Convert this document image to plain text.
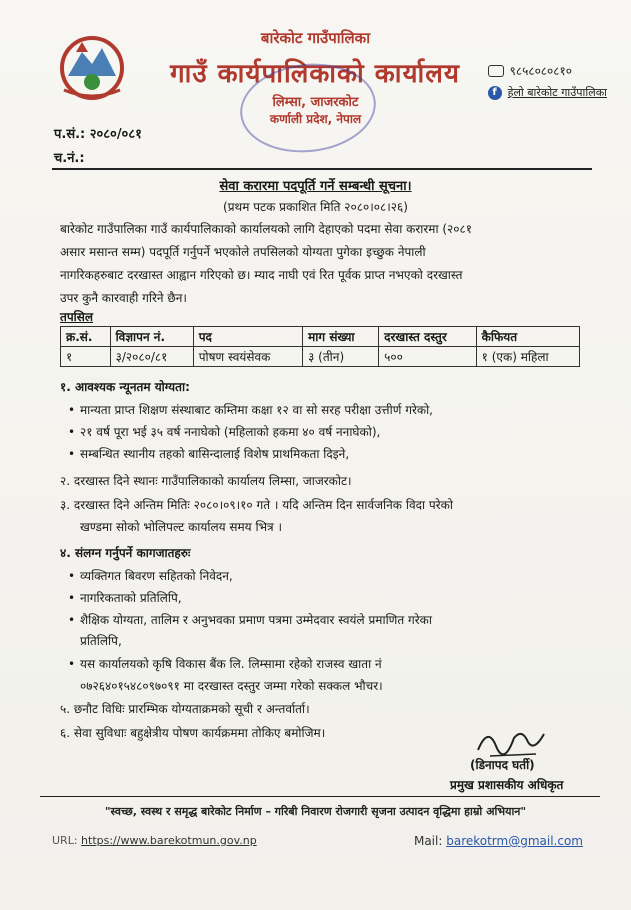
बारेकोट गाउँपालिका
गाउँ कार्यपालिकाको कार्यालय
लिम्सा, जाजरकोट
कर्णाली प्रदेश, नेपाल
९८५८०८०८१०
f हेलो बारेकोट गाउँपालिका
प.सं.: २०८०/०८१
च.नं.:
सेवा करारमा पदपूर्ति गर्ने सम्बन्धी सूचना।
(प्रथम पटक प्रकाशित मिति २०८०।०८।२६)
बारेकोट गाउँपालिका गाउँ कार्यपालिकाको कार्यालयको लागि देहाएको पदमा सेवा करारमा (२०८१
असार मसान्त सम्म) पदपूर्ति गर्नुपर्ने भएकोले तपसिलको योग्यता पुगेका इच्छुक नेपाली
नागरिकहरुबाट दरखास्त आह्वान गरिएको छ। म्याद नाघी एवं रित पूर्वक प्राप्त नभएको दरखास्त
उपर कुनै कारवाही गरिने छैन।
तपसिल
क्र.सं.	विज्ञापन नं.	पद	माग संख्या	दरखास्त दस्तुर	कैफियत
१	३/२०८०/८१	पोषण स्वयंसेवक	३ (तीन)	५००	१ (एक) महिला
१. आवश्यक न्यूनतम योग्यता:
• मान्यता प्राप्त शिक्षण संस्थाबाट कम्तिमा कक्षा १२ वा सो सरह परीक्षा उत्तीर्ण गरेको,
• २१ वर्ष पूरा भई ३५ वर्ष ननाघेको (महिलाको हकमा ४० वर्ष ननाघेको),
• सम्बन्धित स्थानीय तहको बासिन्दालाई विशेष प्राथमिकता दिइने,
२. दरखास्त दिने स्थानः गाउँपालिकाको कार्यालय लिम्सा, जाजरकोट।
३. दरखास्त दिने अन्तिम मितिः २०८०।०९।१० गते । यदि अन्तिम दिन सार्वजनिक विदा परेको
खण्डमा सोको भोलिपल्ट कार्यालय समय भित्र ।
४. संलग्न गर्नुपर्ने कागजातहरुः
• व्यक्तिगत बिवरण सहितको निवेदन,
• नागरिकताको प्रतिलिपि,
• शैक्षिक योग्यता, तालिम र अनुभवका प्रमाण पत्रमा उम्मेदवार स्वयंले प्रमाणित गरेका
प्रतिलिपि,
• यस कार्यालयको कृषि विकास बैंक लि. लिम्सामा रहेको राजस्व खाता नं
०७२६४०१५४८०९७०९१ मा दरखास्त दस्तुर जम्मा गरेको सक्कल भौचर।
५. छनौट विधिः प्रारम्भिक योग्यताक्रमको सूची र अन्तर्वार्ता।
६. सेवा सुविधाः बहुक्षेत्रीय पोषण कार्यक्रममा तोकिए बमोजिम।
(डिनापद घर्ती)
प्रमुख प्रशासकीय अधिकृत
"स्वच्छ, स्वस्थ र समृद्ध बारेकोट निर्माण – गरिबी निवारण रोजगारी सृजना उत्पादन वृद्धिमा हाम्रो अभियान"
URL: https://www.barekotmun.gov.np	Mail: barekotrm@gmail.com
